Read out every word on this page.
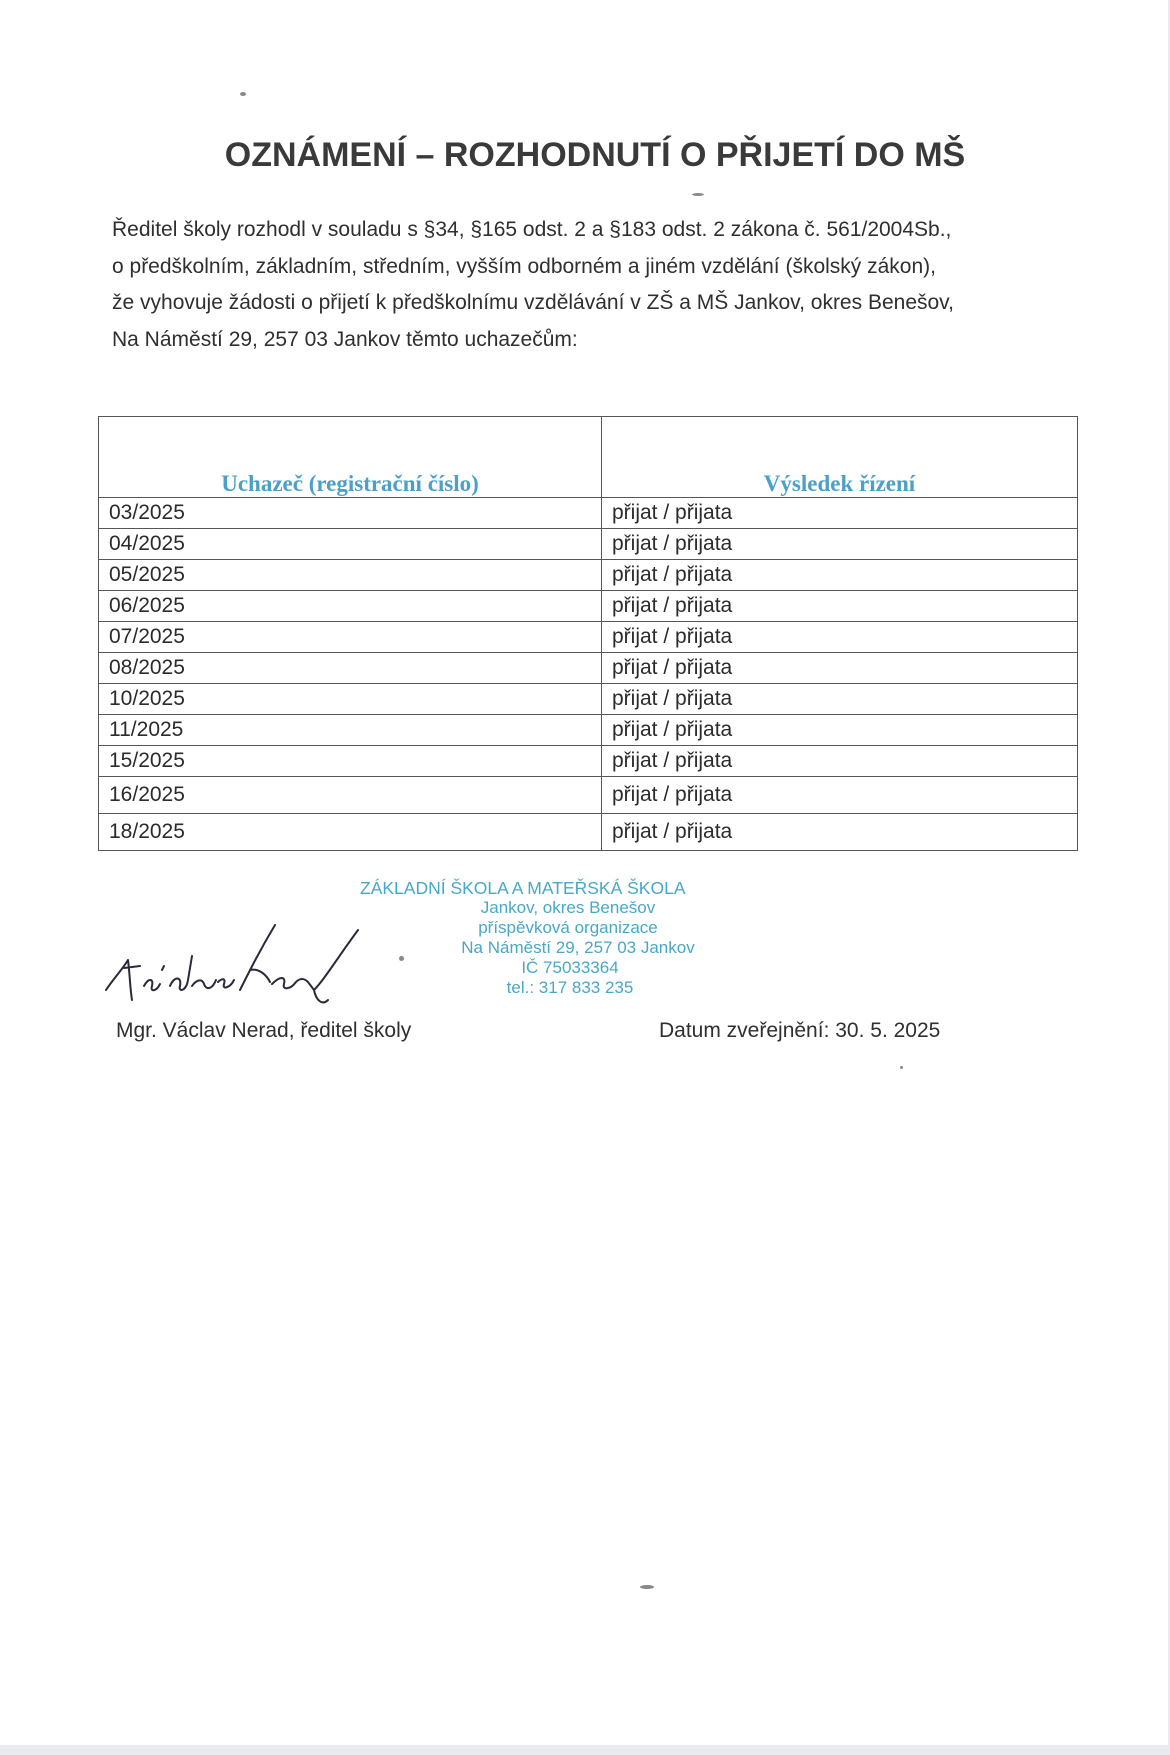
OZNÁMENÍ – ROZHODNUTÍ O PŘIJETÍ DO MŠ

Ředitel školy rozhodl v souladu s §34, §165 odst. 2 a §183 odst. 2 zákona č. 561/2004Sb.,

o předškolním, základním, středním, vyšším odborném a jiném vzdělání (školský zákon),

že vyhovuje žádosti o přijetí k předškolnímu vzdělávání v ZŠ a MŠ Jankov, okres Benešov,

Na Náměstí 29, 257 03 Jankov těmto uchazečům:

Uchazeč (registrační číslo)	Výsledek řízení
03/2025	přijat / přijata
04/2025	přijat / přijata
05/2025	přijat / přijata
06/2025	přijat / přijata
07/2025	přijat / přijata
08/2025	přijat / přijata
10/2025	přijat / přijata
11/2025	přijat / přijata
15/2025	přijat / přijata
16/2025	přijat / přijata
18/2025	přijat / přijata
ZÁKLADNÍ ŠKOLA A MATEŘSKÁ ŠKOLA
Jankov, okres Benešov
příspěvková organizace
Na Náměstí 29, 257 03 Jankov
IČ 75033364
tel.: 317 833 235
Mgr. Václav Nerad, ředitel školy	Datum zveřejnění: 30. 5. 2025
